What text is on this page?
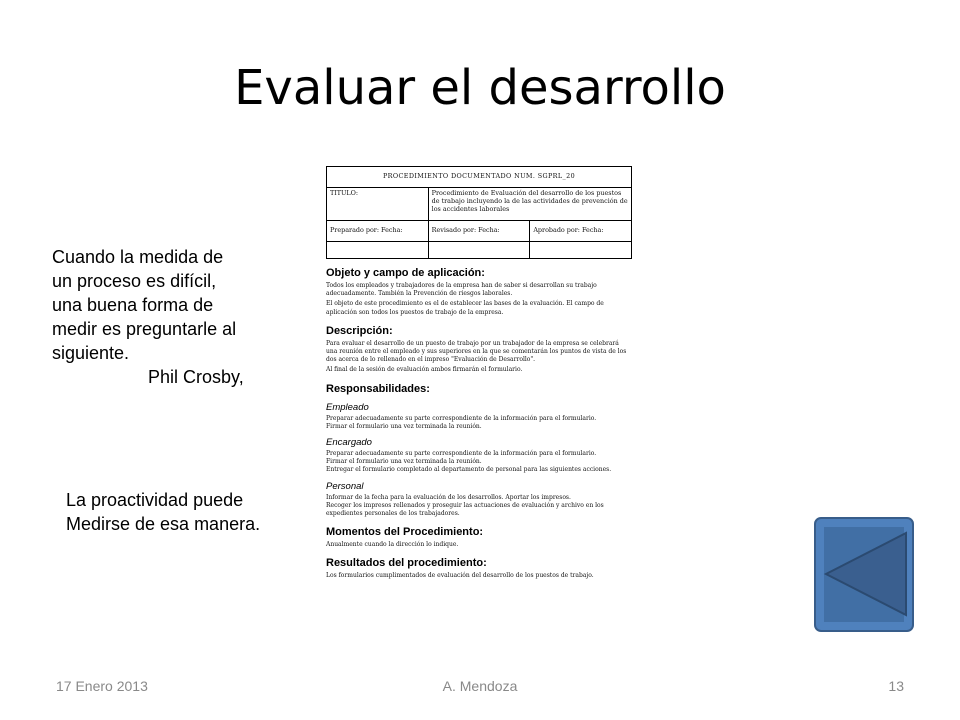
Evaluar el desarrollo
Cuando la medida de
un proceso es difícil,
una buena forma de
medir es preguntarle al
siguiente.

Phil Crosby,
La proactividad puede
Medirse de esa manera.
PROCEDIMIENTO DOCUMENTADO NUM. SGPRL_20		
TITULO:	Procedimiento de Evaluación del desarrollo de los puestos de trabajo incluyendo la de las actividades de prevención de los accidentes laborales	
Preparado por: Fecha:	Revisado por: Fecha:	Aprobado por: Fecha:

Objeto y campo de aplicación:
Todos los empleados y trabajadores de la empresa han de saber si desarrollan su trabajo adecuadamente. También la Prevención de riesgos laborales.
El objeto de este procedimiento es el de establecer las bases de la evaluación. El campo de aplicación son todos los puestos de trabajo de la empresa.
Descripción:
Para evaluar el desarrollo de un puesto de trabajo por un trabajador de la empresa se celebrará una reunión entre el empleado y sus superiores en la que se comentarán los puntos de vista de los dos acerca de lo rellenado en el impreso "Evaluación de Desarrollo".
Al final de la sesión de evaluación ambos firmarán el formulario.
Responsabilidades:
Empleado
Preparar adecuadamente su parte correspondiente de la información para el formulario.
Firmar el formulario una vez terminada la reunión.
Encargado
Preparar adecuadamente su parte correspondiente de la información para el formulario.
Firmar el formulario una vez terminada la reunión.
Entregar el formulario completado al departamento de personal para las siguientes acciones.
Personal
Informar de la fecha para la evaluación de los desarrollos. Aportar los impresos.
Recoger los impresos rellenados y proseguir las actuaciones de evaluación y archivo en los expedientes personales de los trabajadores.
Momentos del Procedimiento:
Anualmente cuando la dirección lo indique.
Resultados del procedimiento:
Los formularios cumplimentados de evaluación del desarrollo de los puestos de trabajo.
17 Enero 2013	A. Mendoza	13
